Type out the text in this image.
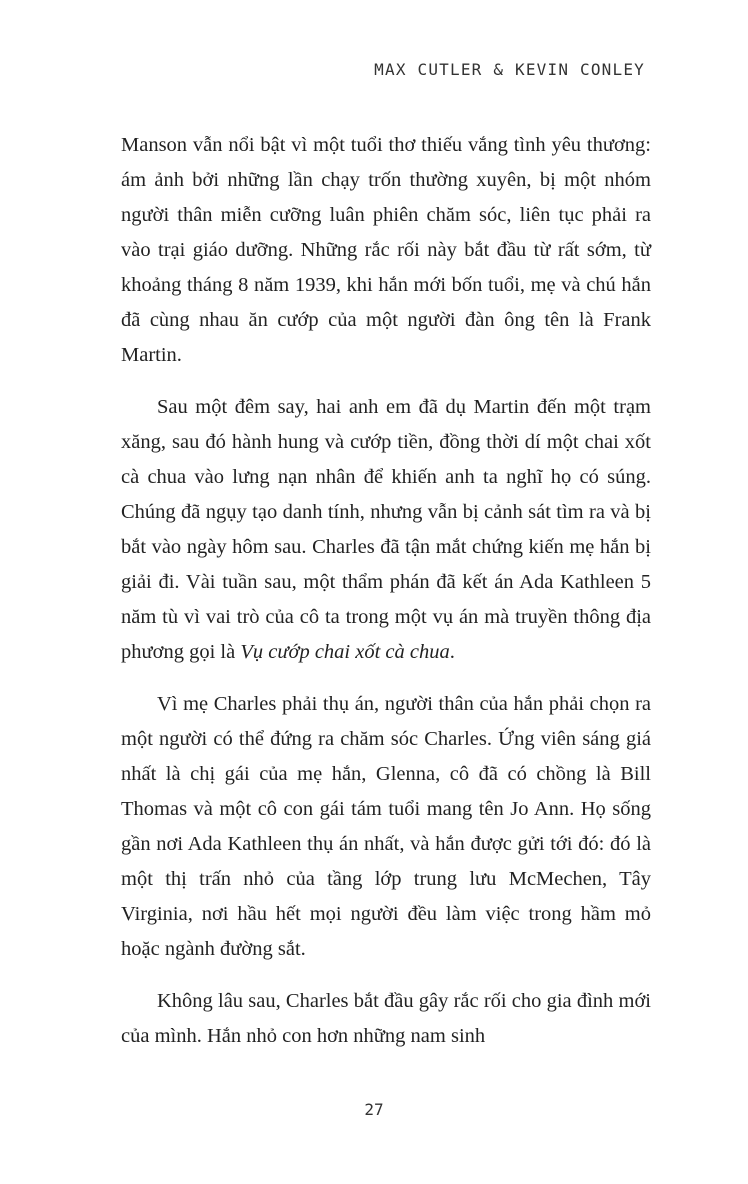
MAX CUTLER & KEVIN CONLEY

Manson vẫn nổi bật vì một tuổi thơ thiếu vắng tình yêu thương: ám ảnh bởi những lần chạy trốn thường xuyên, bị một nhóm người thân miễn cưỡng luân phiên chăm sóc, liên tục phải ra vào trại giáo dưỡng. Những rắc rối này bắt đầu từ rất sớm, từ khoảng tháng 8 năm 1939, khi hắn mới bốn tuổi, mẹ và chú hắn đã cùng nhau ăn cướp của một người đàn ông tên là Frank Martin.

Sau một đêm say, hai anh em đã dụ Martin đến một trạm xăng, sau đó hành hung và cướp tiền, đồng thời dí một chai xốt cà chua vào lưng nạn nhân để khiến anh ta nghĩ họ có súng. Chúng đã ngụy tạo danh tính, nhưng vẫn bị cảnh sát tìm ra và bị bắt vào ngày hôm sau. Charles đã tận mắt chứng kiến mẹ hắn bị giải đi. Vài tuần sau, một thẩm phán đã kết án Ada Kathleen 5 năm tù vì vai trò của cô ta trong một vụ án mà truyền thông địa phương gọi là Vụ cướp chai xốt cà chua.

Vì mẹ Charles phải thụ án, người thân của hắn phải chọn ra một người có thể đứng ra chăm sóc Charles. Ứng viên sáng giá nhất là chị gái của mẹ hắn, Glenna, cô đã có chồng là Bill Thomas và một cô con gái tám tuổi mang tên Jo Ann. Họ sống gần nơi Ada Kathleen thụ án nhất, và hắn được gửi tới đó: đó là một thị trấn nhỏ của tầng lớp trung lưu McMechen, Tây Virginia, nơi hầu hết mọi người đều làm việc trong hầm mỏ hoặc ngành đường sắt.

Không lâu sau, Charles bắt đầu gây rắc rối cho gia đình mới của mình. Hắn nhỏ con hơn những nam sinh

27
